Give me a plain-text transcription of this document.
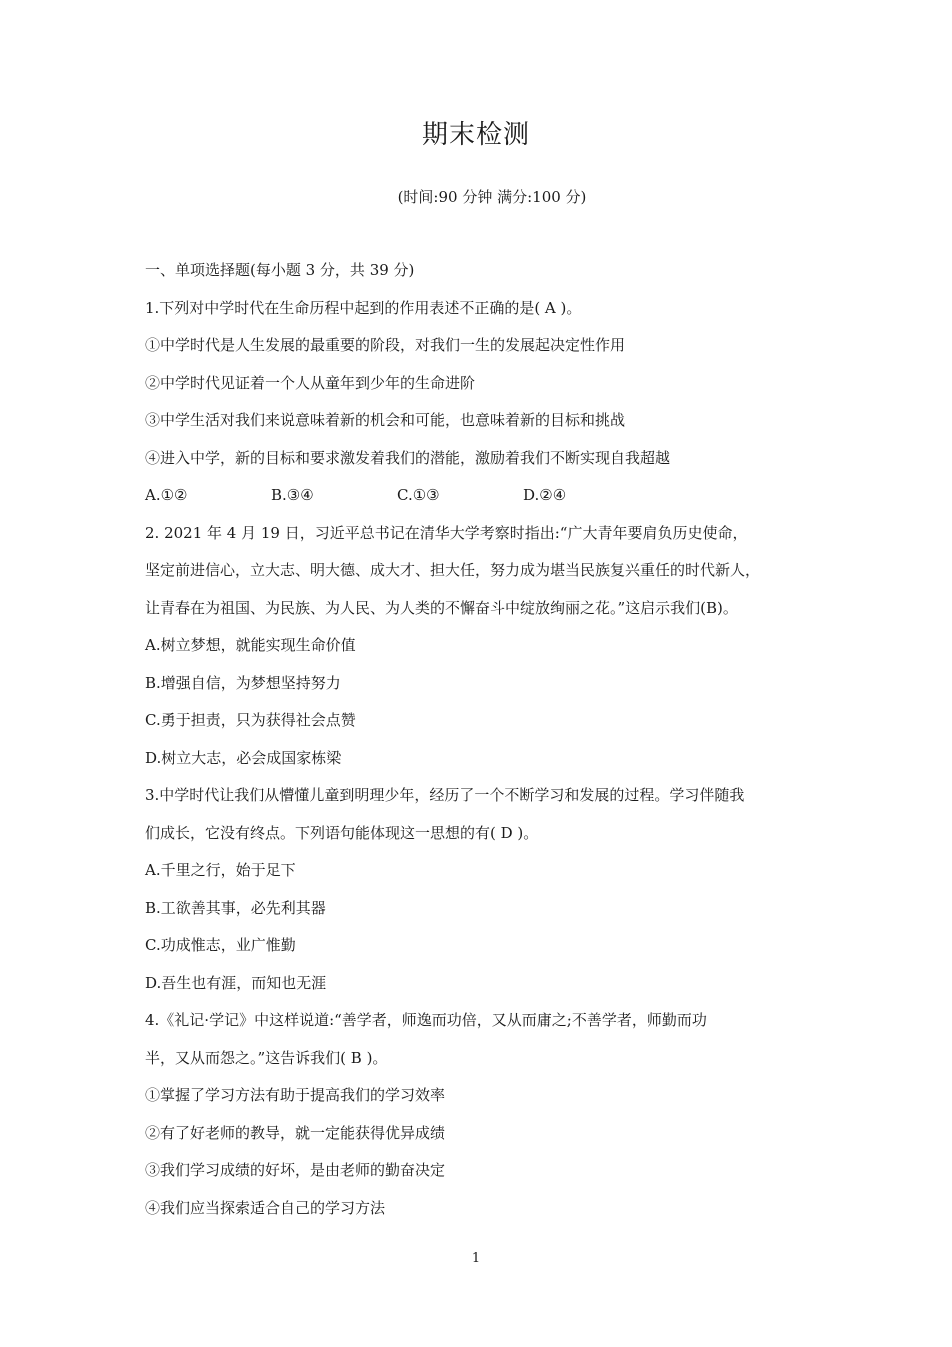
期末检测
(时间:90 分钟 满分:100 分)
一、单项选择题(每小题 3 分，共 39 分)
1.下列对中学时代在生命历程中起到的作用表述不正确的是( A )。
①中学时代是人生发展的最重要的阶段，对我们一生的发展起决定性作用
②中学时代见证着一个人从童年到少年的生命进阶
③中学生活对我们来说意味着新的机会和可能，也意味着新的目标和挑战
④进入中学，新的目标和要求激发着我们的潜能，激励着我们不断实现自我超越
A.①②	B.③④	C.①③	D.②④
2. 2021 年 4 月 19 日，习近平总书记在清华大学考察时指出:“广大青年要肩负历史使命，
坚定前进信心，立大志、明大德、成大才、担大任，努力成为堪当民族复兴重任的时代新人，
让青春在为祖国、为民族、为人民、为人类的不懈奋斗中绽放绚丽之花。”这启示我们(B)。
A.树立梦想，就能实现生命价值
B.增强自信，为梦想坚持努力
C.勇于担责，只为获得社会点赞
D.树立大志，必会成国家栋梁
3.中学时代让我们从懵懂儿童到明理少年，经历了一个不断学习和发展的过程。学习伴随我
们成长，它没有终点。下列语句能体现这一思想的有( D )。
A.千里之行，始于足下
B.工欲善其事，必先利其器
C.功成惟志，业广惟勤
D.吾生也有涯，而知也无涯
4.《礼记·学记》中这样说道:“善学者，师逸而功倍，又从而庸之;不善学者，师勤而功
半，又从而怨之。”这告诉我们( B )。
①掌握了学习方法有助于提高我们的学习效率
②有了好老师的教导，就一定能获得优异成绩
③我们学习成绩的好坏，是由老师的勤奋决定
④我们应当探索适合自己的学习方法
1
